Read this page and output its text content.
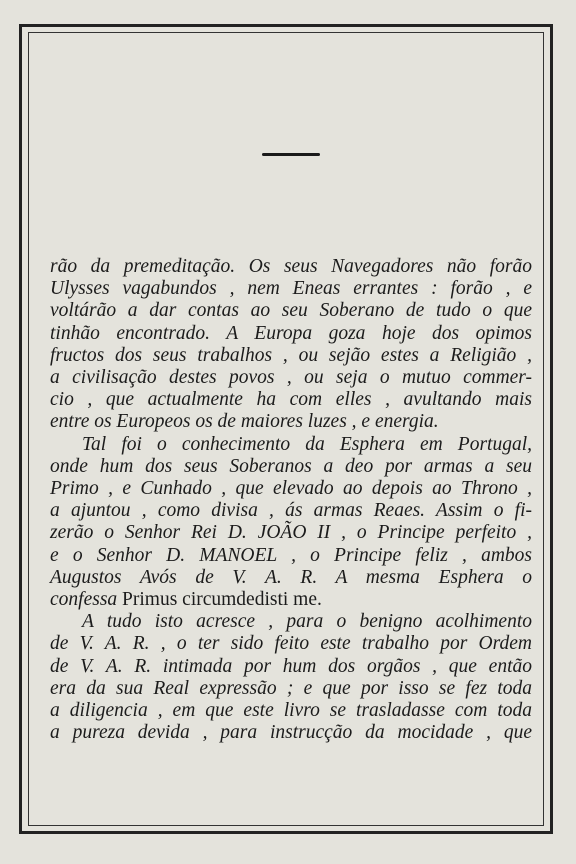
rão da premeditação. Os seus Navegadores não forão
Ulysses vagabundos , nem Eneas errantes : forão , e
voltárão a dar contas ao seu Soberano de tudo o que
tinhão encontrado. A Europa goza hoje dos opimos
fructos dos seus trabalhos , ou sejão estes a Religião ,
a civilisação destes povos , ou seja o mutuo commer-
cio , que actualmente ha com elles , avultando mais
entre os Europeos os de maiores luzes , e energia.
Tal foi o conhecimento da Esphera em Portugal,
onde hum dos seus Soberanos a deo por armas a seu
Primo , e Cunhado , que elevado ao depois ao Throno ,
a ajuntou , como divisa , ás armas Reaes. Assim o fi-
zerão o Senhor Rei D. JOÃO II , o Principe perfeito ,
e o Senhor D. MANOEL , o Principe feliz , ambos
Augustos Avós de V. A. R. A mesma Esphera o
confessa Primus circumdedisti me.
A tudo isto acresce , para o benigno acolhimento
de V. A. R. , o ter sido feito este trabalho por Ordem
de V. A. R. intimada por hum dos orgãos , que então
era da sua Real expressão ; e que por isso se fez toda
a diligencia , em que este livro se trasladasse com toda
a pureza devida , para instrucção da mocidade , que
